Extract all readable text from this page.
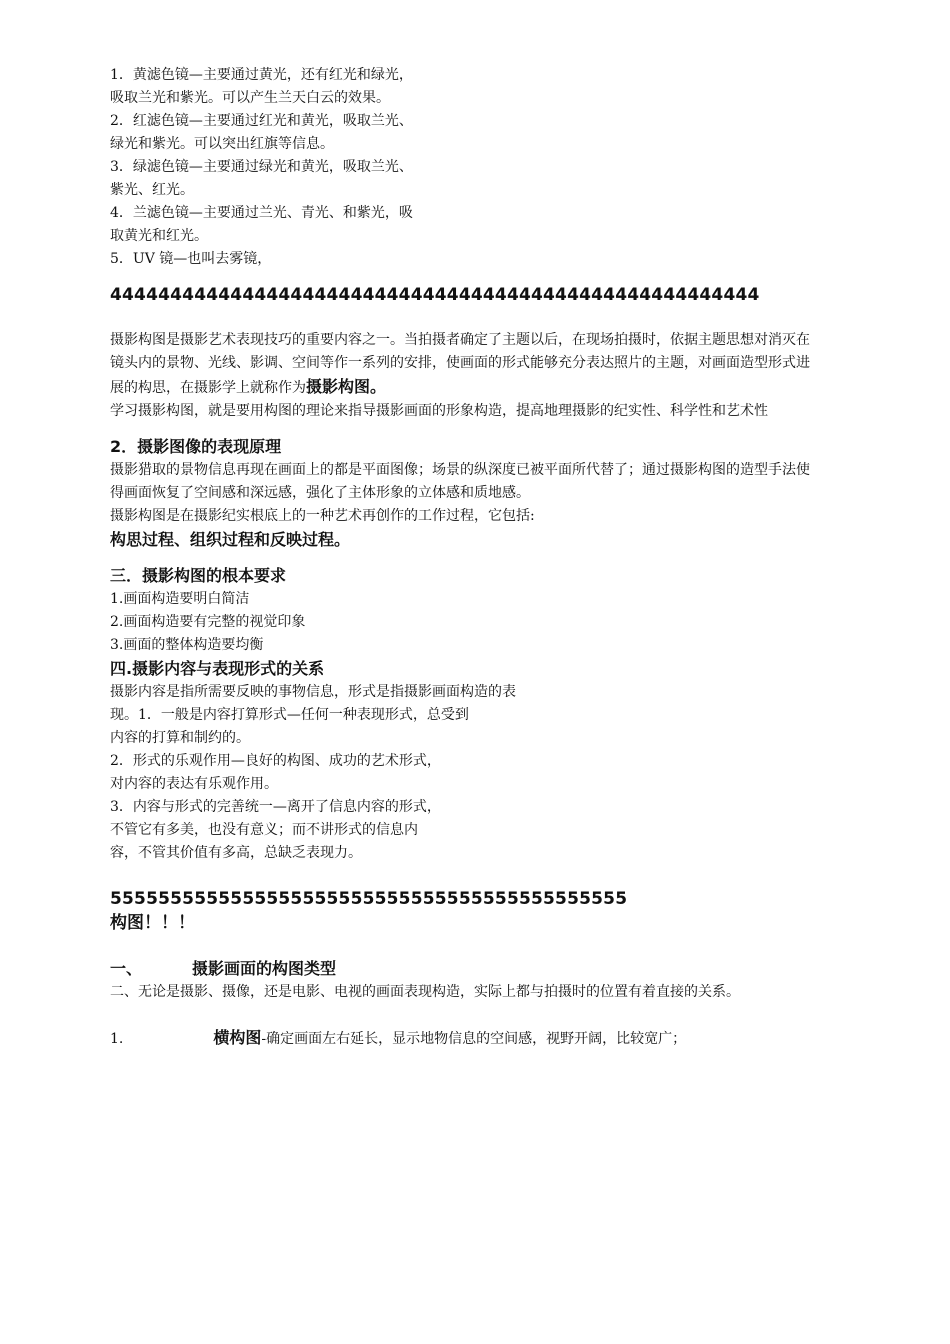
1．黄滤色镜—主要通过黄光，还有红光和绿光，
吸取兰光和紫光。可以产生兰天白云的效果。
2．红滤色镜—主要通过红光和黄光，吸取兰光、
绿光和紫光。可以突出红旗等信息。
3．绿滤色镜—主要通过绿光和黄光，吸取兰光、
紫光、红光。
4．兰滤色镜—主要通过兰光、青光、和紫光，吸
取黄光和红光。
5．UV 镜—也叫去雾镜，
444444444444444444444444444444444444444444444444444444
摄影构图是摄影艺术表现技巧的重要内容之一。当拍摄者确定了主题以后，在现场拍摄时，依据主题思想对消灭在镜头内的景物、光线、影调、空间等作一系列的安排，使画面的形式能够充分表达照片的主题，对画面造型形式进展的构思，在摄影学上就称作为摄影构图。
学习摄影构图，就是要用构图的理论来指导摄影画面的形象构造，提高地理摄影的纪实性、科学性和艺术性
2．摄影图像的表现原理
摄影猎取的景物信息再现在画面上的都是平面图像；场景的纵深度已被平面所代替了；通过摄影构图的造型手法使得画面恢复了空间感和深远感，强化了主体形象的立体感和质地感。
摄影构图是在摄影纪实根底上的一种艺术再创作的工作过程，它包括:
构思过程、组织过程和反映过程。
三．摄影构图的根本要求
1.画面构造要明白简洁
2.画面构造要有完整的视觉印象
3.画面的整体构造要均衡
四.摄影内容与表现形式的关系
摄影内容是指所需要反映的事物信息，形式是指摄影画面构造的表
现。1．一般是内容打算形式—任何一种表现形式，总受到
内容的打算和制约的。
2．形式的乐观作用—良好的构图、成功的艺术形式，
对内容的表达有乐观作用。
3．内容与形式的完善统一—离开了信息内容的形式，
不管它有多美，也没有意义；而不讲形式的信息内
容，不管其价值有多高，总缺乏表现力。
5555555555555555555555555555555555555555555
构图！！！
一、	摄影画面的构图类型
二、无论是摄影、摄像，还是电影、电视的画面表现构造，实际上都与拍摄时的位置有着直接的关系。
1.	横构图-确定画面左右延长，显示地物信息的空间感，视野开阔，比较宽广；
